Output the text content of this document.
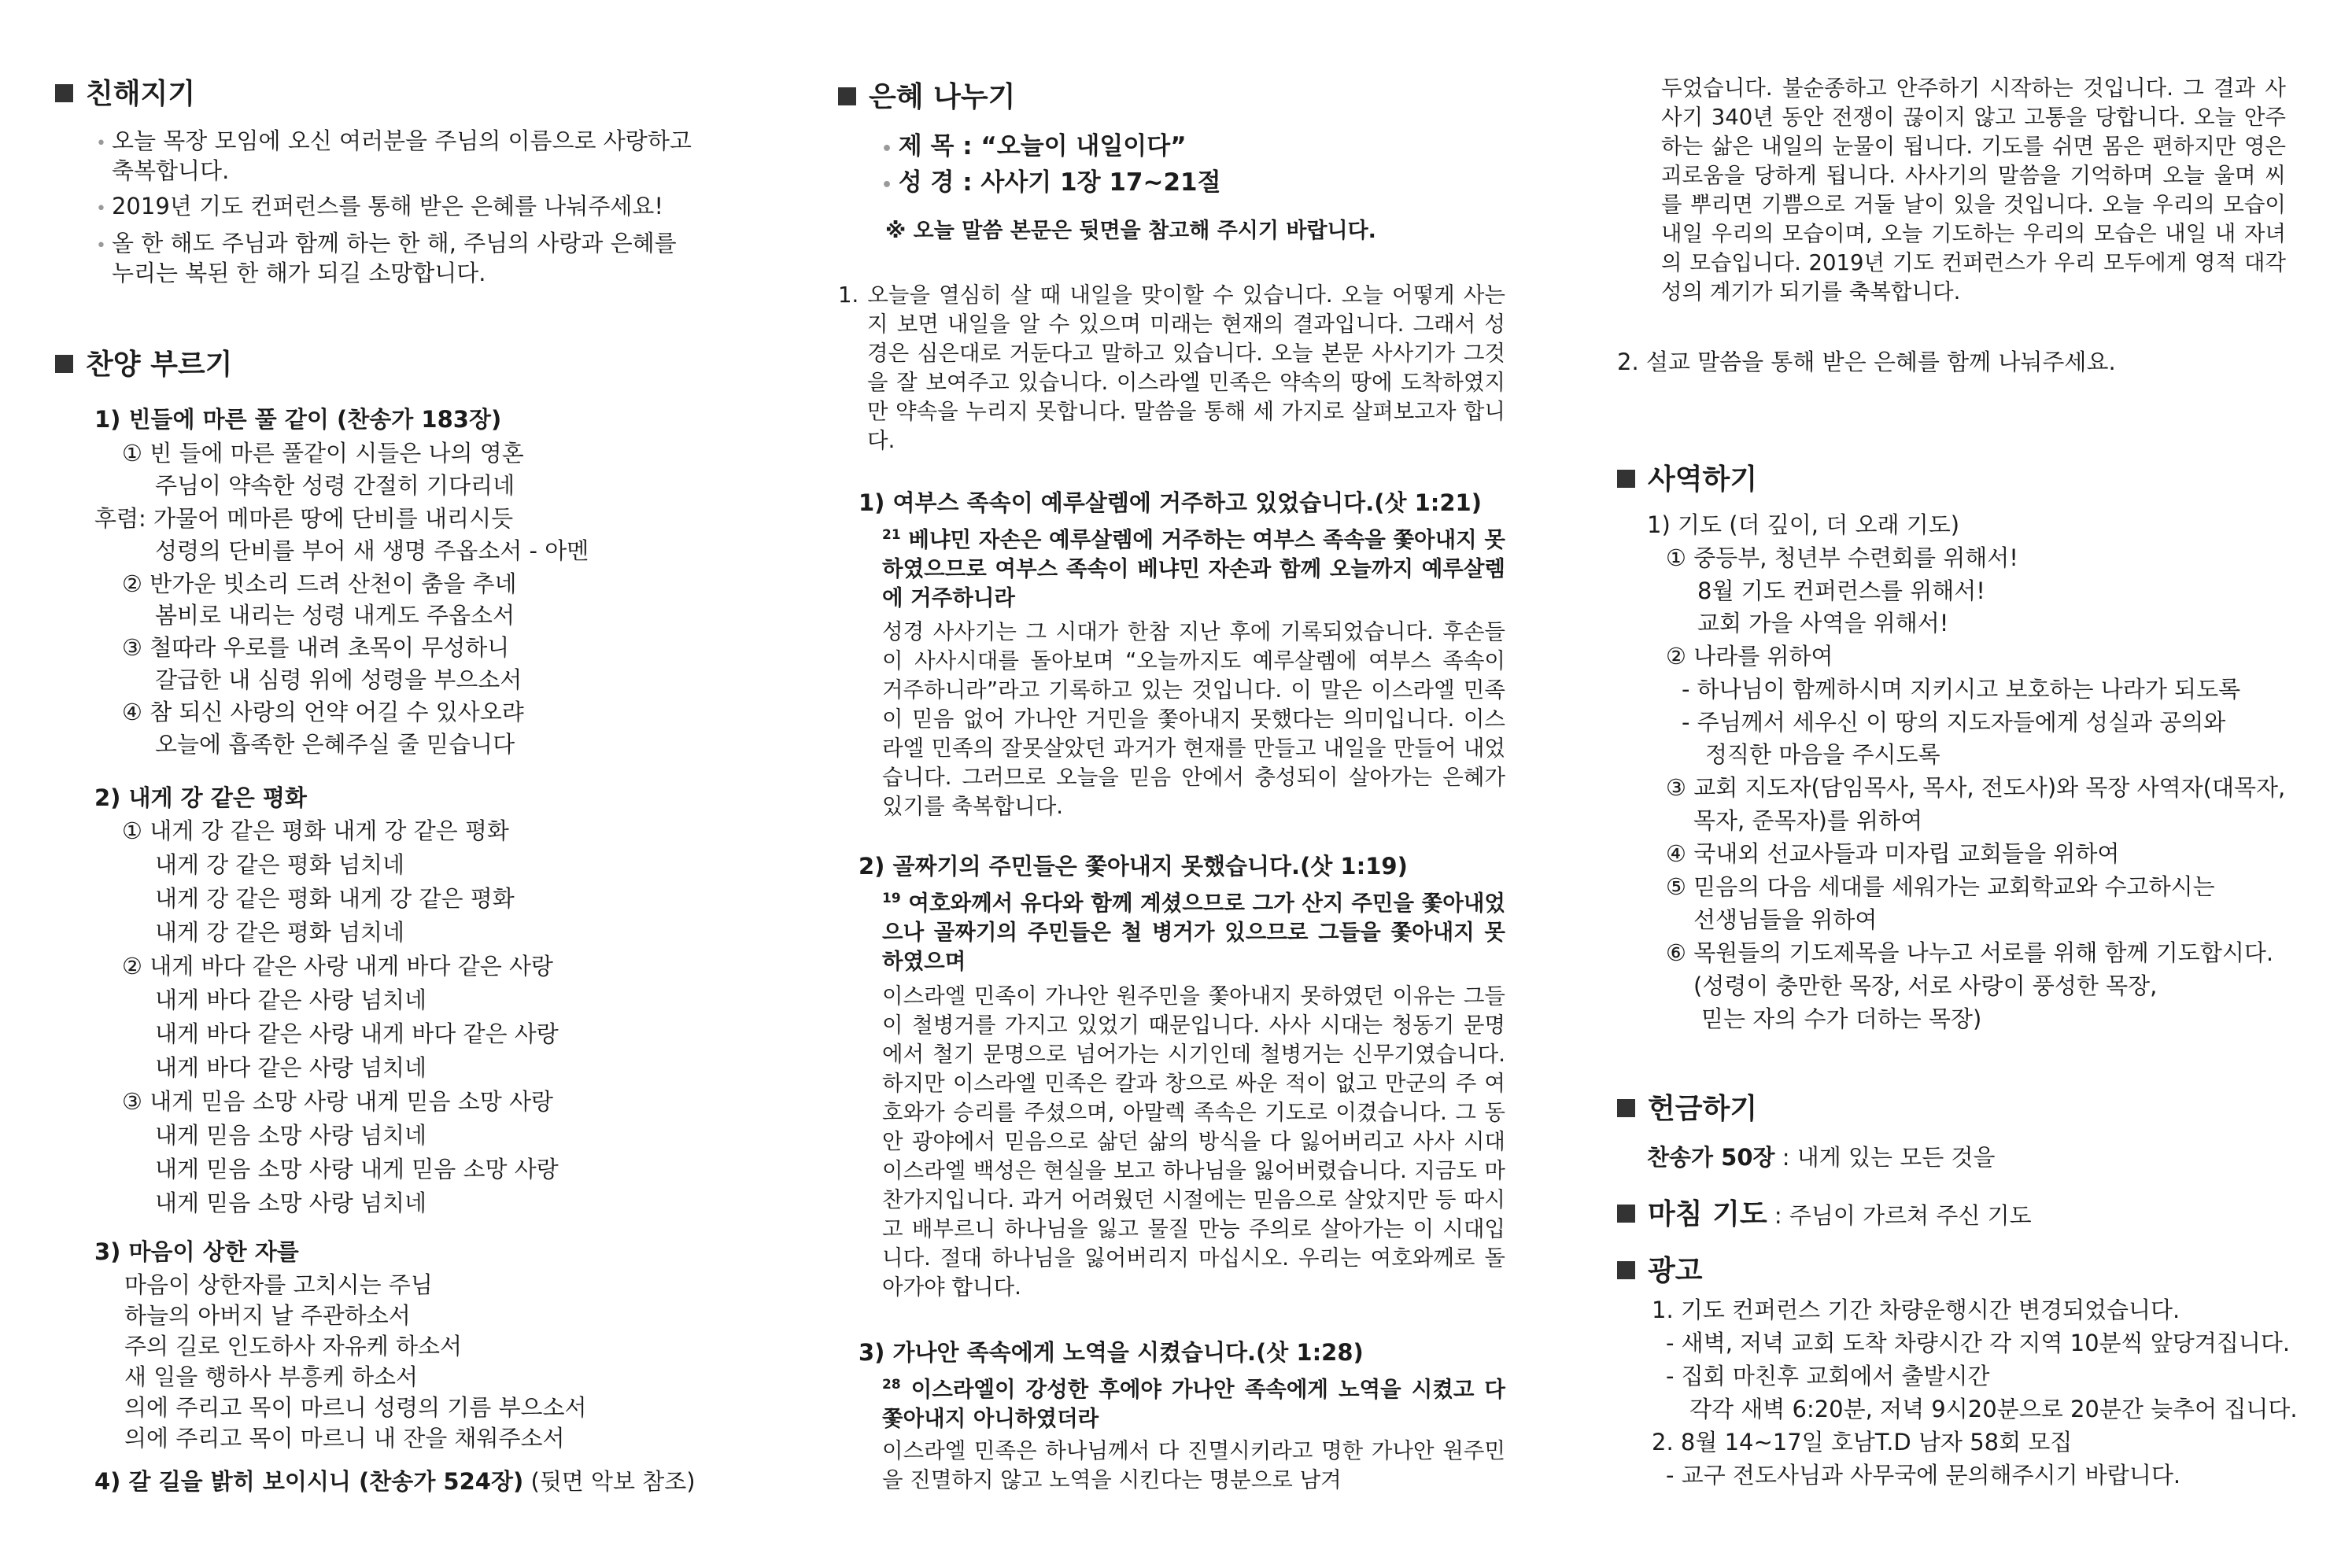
친해지기
• 오늘 목장 모임에 오신 여러분을 주님의 이름으로 사랑하고
축복합니다.
• 2019년 기도 컨퍼런스를 통해 받은 은혜를 나눠주세요!
• 올 한 해도 주님과 함께 하는 한 해, 주님의 사랑과 은혜를
누리는 복된 한 해가 되길 소망합니다.
찬양 부르기
1) 빈들에 마른 풀 같이 (찬송가 183장)
① 빈 들에 마른 풀같이 시들은 나의 영혼
주님이 약속한 성령 간절히 기다리네
후렴: 가물어 메마른 땅에 단비를 내리시듯
성령의 단비를 부어 새 생명 주옵소서 - 아멘
② 반가운 빗소리 드려 산천이 춤을 추네
봄비로 내리는 성령 내게도 주옵소서
③ 철따라 우로를 내려 초목이 무성하니
갈급한 내 심령 위에 성령을 부으소서
④ 참 되신 사랑의 언약 어길 수 있사오랴
오늘에 흡족한 은혜주실 줄 믿습니다
2) 내게 강 같은 평화
① 내게 강 같은 평화 내게 강 같은 평화
내게 강 같은 평화 넘치네
내게 강 같은 평화 내게 강 같은 평화
내게 강 같은 평화 넘치네
② 내게 바다 같은 사랑 내게 바다 같은 사랑
내게 바다 같은 사랑 넘치네
내게 바다 같은 사랑 내게 바다 같은 사랑
내게 바다 같은 사랑 넘치네
③ 내게 믿음 소망 사랑 내게 믿음 소망 사랑
내게 믿음 소망 사랑 넘치네
내게 믿음 소망 사랑 내게 믿음 소망 사랑
내게 믿음 소망 사랑 넘치네
3) 마음이 상한 자를
마음이 상한자를 고치시는 주님
하늘의 아버지 날 주관하소서
주의 길로 인도하사 자유케 하소서
새 일을 행하사 부흥케 하소서
의에 주리고 목이 마르니 성령의 기름 부으소서
의에 주리고 목이 마르니 내 잔을 채워주소서
4) 갈 길을 밝히 보이시니 (찬송가 524장) (뒷면 악보 참조)
은혜 나누기
• 제 목 : “오늘이 내일이다”
• 성 경 : 사사기 1장 17~21절
※ 오늘 말씀 본문은 뒷면을 참고해 주시기 바랍니다.
1. 오늘을 열심히 살 때 내일을 맞이할 수 있습니다. 오늘 어떻게 사는지 보면 내일을 알 수 있으며 미래는 현재의 결과입니다. 그래서 성경은 심은대로 거둔다고 말하고 있습니다. 오늘 본문 사사기가 그것을 잘 보여주고 있습니다. 이스라엘 민족은 약속의 땅에 도착하였지만 약속을 누리지 못합니다. 말씀을 통해 세 가지로 살펴보고자 합니다.
1) 여부스 족속이 예루살렘에 거주하고 있었습니다.(삿 1:21)
$^{21}$ 베냐민 자손은 예루살렘에 거주하는 여부스 족속을 쫓아내지 못하였으므로 여부스 족속이 베냐민 자손과 함께 오늘까지 예루살렘에 거주하니라
성경 사사기는 그 시대가 한참 지난 후에 기록되었습니다. 후손들이 사사시대를 돌아보며 “오늘까지도 예루살렘에 여부스 족속이 거주하니라”라고 기록하고 있는 것입니다. 이 말은 이스라엘 민족이 믿음 없어 가나안 거민을 쫓아내지 못했다는 의미입니다. 이스라엘 민족의 잘못살았던 과거가 현재를 만들고 내일을 만들어 내었습니다. 그러므로 오늘을 믿음 안에서 충성되이 살아가는 은혜가 있기를 축복합니다.
2) 골짜기의 주민들은 쫓아내지 못했습니다.(삿 1:19)
$^{19}$ 여호와께서 유다와 함께 계셨으므로 그가 산지 주민을 쫓아내었으나 골짜기의 주민들은 철 병거가 있으므로 그들을 쫓아내지 못하였으며
이스라엘 민족이 가나안 원주민을 쫓아내지 못하였던 이유는 그들이 철병거를 가지고 있었기 때문입니다. 사사 시대는 청동기 문명에서 철기 문명으로 넘어가는 시기인데 철병거는 신무기였습니다. 하지만 이스라엘 민족은 칼과 창으로 싸운 적이 없고 만군의 주 여호와가 승리를 주셨으며, 아말렉 족속은 기도로 이겼습니다. 그 동안 광야에서 믿음으로 삶던 삶의 방식을 다 잃어버리고 사사 시대 이스라엘 백성은 현실을 보고 하나님을 잃어버렸습니다. 지금도 마찬가지입니다. 과거 어려웠던 시절에는 믿음으로 살았지만 등 따시고 배부르니 하나님을 잃고 물질 만능 주의로 살아가는 이 시대입니다. 절대 하나님을 잃어버리지 마십시오. 우리는 여호와께로 돌아가야 합니다.
3) 가나안 족속에게 노역을 시켰습니다.(삿 1:28)
$^{28}$ 이스라엘이 강성한 후에야 가나안 족속에게 노역을 시켰고 다 쫓아내지 아니하였더라
이스라엘 민족은 하나님께서 다 진멸시키라고 명한 가나안 원주민을 진멸하지 않고 노역을 시킨다는 명분으로 남겨
두었습니다. 불순종하고 안주하기 시작하는 것입니다. 그 결과 사사기 340년 동안 전쟁이 끊이지 않고 고통을 당합니다. 오늘 안주하는 삶은 내일의 눈물이 됩니다. 기도를 쉬면 몸은 편하지만 영은 괴로움을 당하게 됩니다. 사사기의 말씀을 기억하며 오늘 울며 씨를 뿌리면 기쁨으로 거둘 날이 있을 것입니다. 오늘 우리의 모습이 내일 우리의 모습이며, 오늘 기도하는 우리의 모습은 내일 내 자녀의 모습입니다. 2019년 기도 컨퍼런스가 우리 모두에게 영적 대각성의 계기가 되기를 축복합니다.
2. 설교 말씀을 통해 받은 은혜를 함께 나눠주세요.
사역하기
1) 기도 (더 깊이, 더 오래 기도)
① 중등부, 청년부 수련회를 위해서!
8월 기도 컨퍼런스를 위해서!
교회 가을 사역을 위해서!
② 나라를 위하여
- 하나님이 함께하시며 지키시고 보호하는 나라가 되도록
- 주님께서 세우신 이 땅의 지도자들에게 성실과 공의와
정직한 마음을 주시도록
③ 교회 지도자(담임목사, 목사, 전도사)와 목장 사역자(대목자,
목자, 준목자)를 위하여
④ 국내외 선교사들과 미자립 교회들을 위하여
⑤ 믿음의 다음 세대를 세워가는 교회학교와 수고하시는
선생님들을 위하여
⑥ 목원들의 기도제목을 나누고 서로를 위해 함께 기도합시다.
(성령이 충만한 목장, 서로 사랑이 풍성한 목장,
믿는 자의 수가 더하는 목장)
헌금하기
찬송가 50장 : 내게 있는 모든 것을
마침 기도 : 주님이 가르쳐 주신 기도
광고
1. 기도 컨퍼런스 기간 차량운행시간 변경되었습니다.
- 새벽, 저녁 교회 도착 차량시간 각 지역 10분씩 앞당겨집니다.
- 집회 마친후 교회에서 출발시간
각각 새벽 6:20분, 저녁 9시20분으로 20분간 늦추어 집니다.
2. 8월 14~17일 호남T.D 남자 58회 모집
- 교구 전도사님과 사무국에 문의해주시기 바랍니다.
